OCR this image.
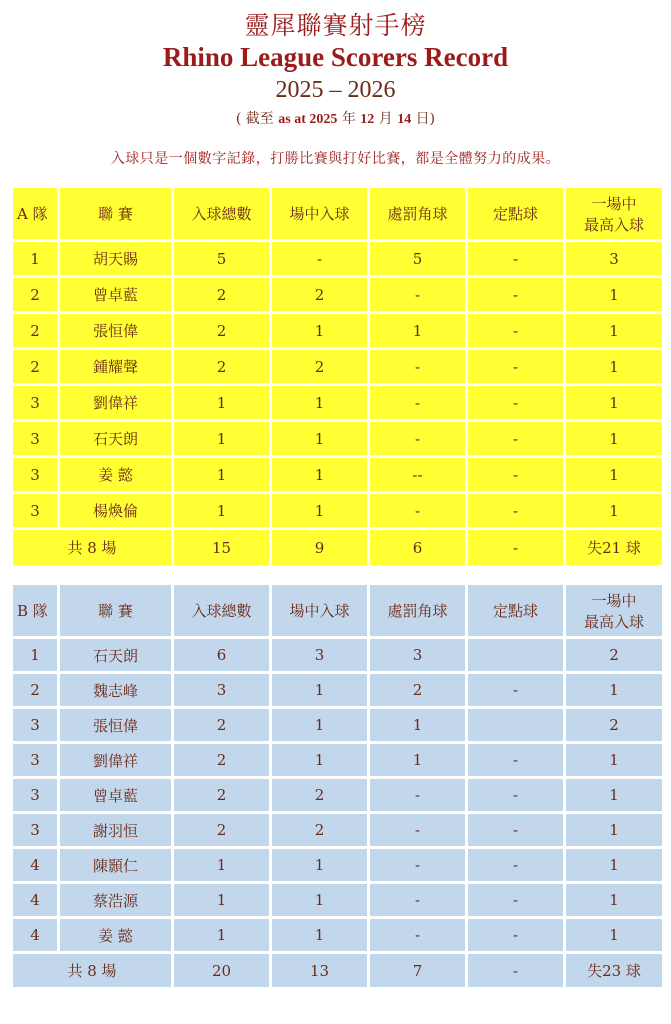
靈犀聯賽射手榜
Rhino League Scorers Record
2025 – 2026
( 截至 as at 2025 年 12 月 14 日)
入球只是一個數字記錄，打勝比賽與打好比賽，都是全體努力的成果。
A 隊	聯 賽	入球總數	場中入球	處罰角球	定點球	一場中
最高入球
1	胡天賜	5	-	5	-	3
2	曾卓藍	2	2	-	-	1
2	張恒偉	2	1	1	-	1
2	鍾耀聲	2	2	-	-	1
3	劉偉祥	1	1	-	-	1
3	石天朗	1	1	-	-	1
3	姜 懿	1	1	--	-	1
3	楊煥倫	1	1	-	-	1
共 8 場		15	9	6	-	失21 球
B 隊	聯 賽	入球總數	場中入球	處罰角球	定點球	一場中
最高入球
1	石天朗	6	3	3		2
2	魏志峰	3	1	2	-	1
3	張恒偉	2	1	1		2
3	劉偉祥	2	1	1	-	1
3	曾卓藍	2	2	-	-	1
3	謝羽恒	2	2	-	-	1
4	陳顥仁	1	1	-	-	1
4	蔡浩源	1	1	-	-	1
4	姜 懿	1	1	-	-	1
共 8 場		20	13	7	-	失23 球
